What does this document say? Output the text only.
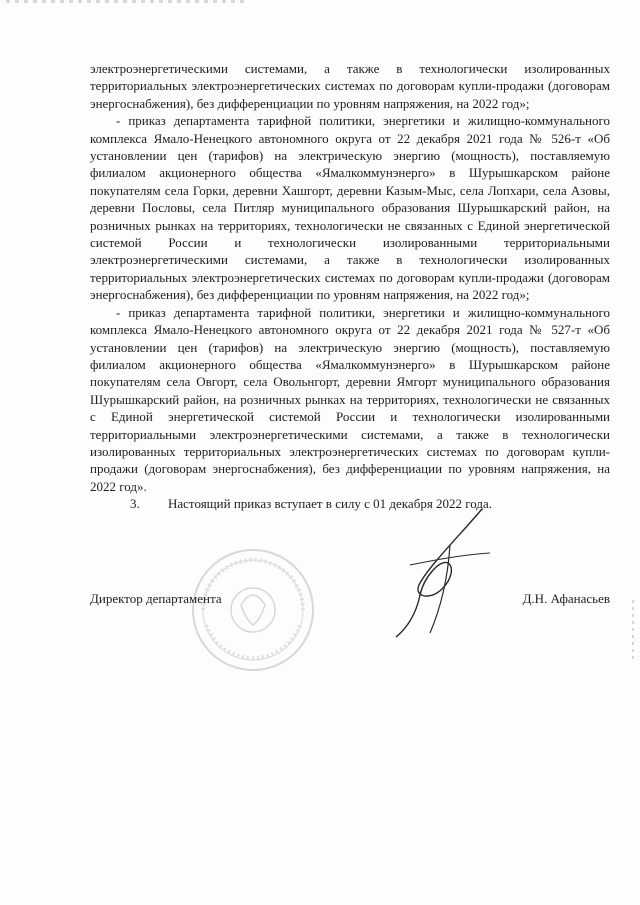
электроэнергетическими системами, а также в технологически изолированных территориальных электроэнергетических системах по договорам купли-продажи (договорам энергоснабжения), без дифференциации по уровням напряжения, на 2022 год»;

- приказ департамента тарифной политики, энергетики и жилищно-коммунального комплекса Ямало-Ненецкого автономного округа от 22 декабря 2021 года № 526-т «Об установлении цен (тарифов) на электрическую энергию (мощность), поставляемую филиалом акционерного общества «Ямалкоммунэнерго» в Шурышкарском районе покупателям села Горки, деревни Хашгорт, деревни Казым-Мыс, села Лопхари, села Азовы, деревни Пословы, села Питляр муниципального образования Шурышкарский район, на розничных рынках на территориях, технологически не связанных с Единой энергетической системой России и технологически изолированными территориальными электроэнергетическими системами, а также в технологически изолированных территориальных электроэнергетических системах по договорам купли-продажи (договорам энергоснабжения), без дифференциации по уровням напряжения, на 2022 год»;

- приказ департамента тарифной политики, энергетики и жилищно-коммунального комплекса Ямало-Ненецкого автономного округа от 22 декабря 2021 года № 527-т «Об установлении цен (тарифов) на электрическую энергию (мощность), поставляемую филиалом акционерного общества «Ямалкоммунэнерго» в Шурышкарском районе покупателям села Овгорт, села Овольнгорт, деревни Ямгорт муниципального образования Шурышкарский район, на розничных рынках на территориях, технологически не связанных с Единой энергетической системой России и технологически изолированными территориальными электроэнергетическими системами, а также в технологически изолированных территориальных электроэнергетических системах по договорам купли-продажи (договорам энергоснабжения), без дифференциации по уровням напряжения, на 2022 год».

3.	Настоящий приказ вступает в силу с 01 декабря 2022 года.
Директор департамента	Д.Н. Афанасьев
